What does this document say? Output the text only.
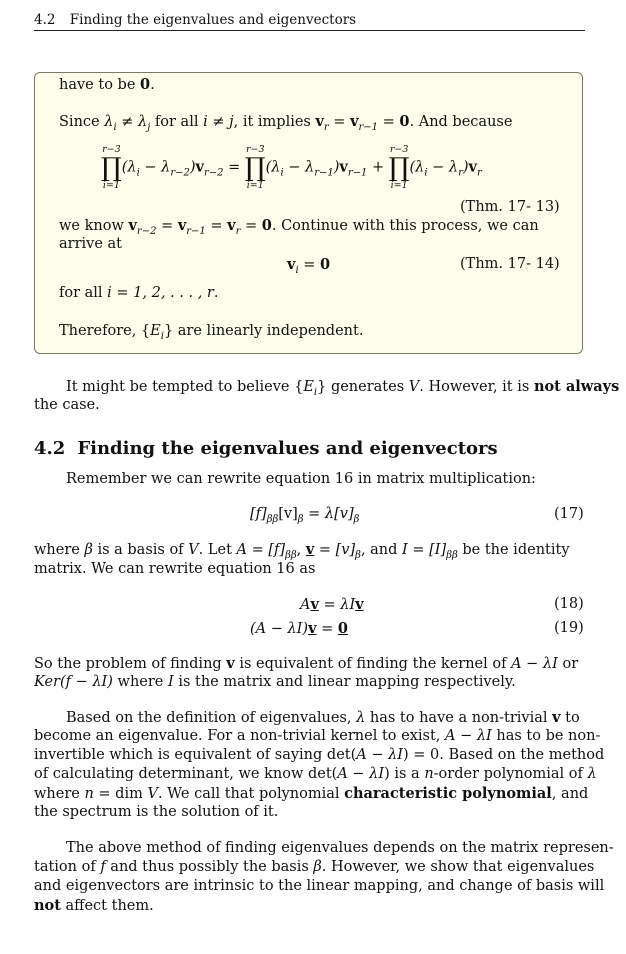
4.2 Finding the eigenvalues and eigenvectors
have to be 0.
Since $\lambda_i \ne \lambda_j$ for all i ≠ j, it implies $v_r = v_{r-1} = 0$. And because
r−3
∏
i=1
$(\lambda_i - \lambda_{r-2})v_{r-2}$ =
r−3
∏
i=1
$(\lambda_i - \lambda_{r-1})v_{r-1}$ +
r−3
∏
i=1
$(\lambda_i - \lambda_r)v_r$
(Thm. 17- 13)
we know $v_{r-2} = v_{r-1} = v_r = 0$. Continue with this process, we can
arrive at
$v_i = 0$	(Thm. 17- 14)
for all i = 1, 2, . . . , r.
Therefore, $\{E_i\}$ are linearly independent.
It might be tempted to believe $\{E_i\}$ generates V. However, it is not always
the case.
4.2 Finding the eigenvalues and eigenvectors
Remember we can rewrite equation 16 in matrix multiplication:
$[f]_{\beta\beta}[v]_\beta = \lambda[v]_\beta$	(17)
where β is a basis of V. Let $A = [f]_{\beta\beta}$, $v = [v]_\beta$, and $I = [I]_{\beta\beta}$ be the identity
matrix. We can rewrite equation 16 as
Av = λIv	(18)
(A − λI)v = 0	(19)
So the problem of finding v is equivalent of finding the kernel of A − λI or
Ker(f − λI) where I is the matrix and linear mapping respectively.
Based on the definition of eigenvalues, λ has to have a non-trivial v to
become an eigenvalue. For a non-trivial kernel to exist, A − λI has to be non-
invertible which is equivalent of saying det(A − λI) = 0. Based on the method
of calculating determinant, we know det(A − λI) is a n-order polynomial of λ
where n = dim V. We call that polynomial characteristic polynomial, and
the spectrum is the solution of it.
The above method of finding eigenvalues depends on the matrix represen-
tation of f and thus possibly the basis β. However, we show that eigenvalues
and eigenvectors are intrinsic to the linear mapping, and change of basis will
not affect them.
